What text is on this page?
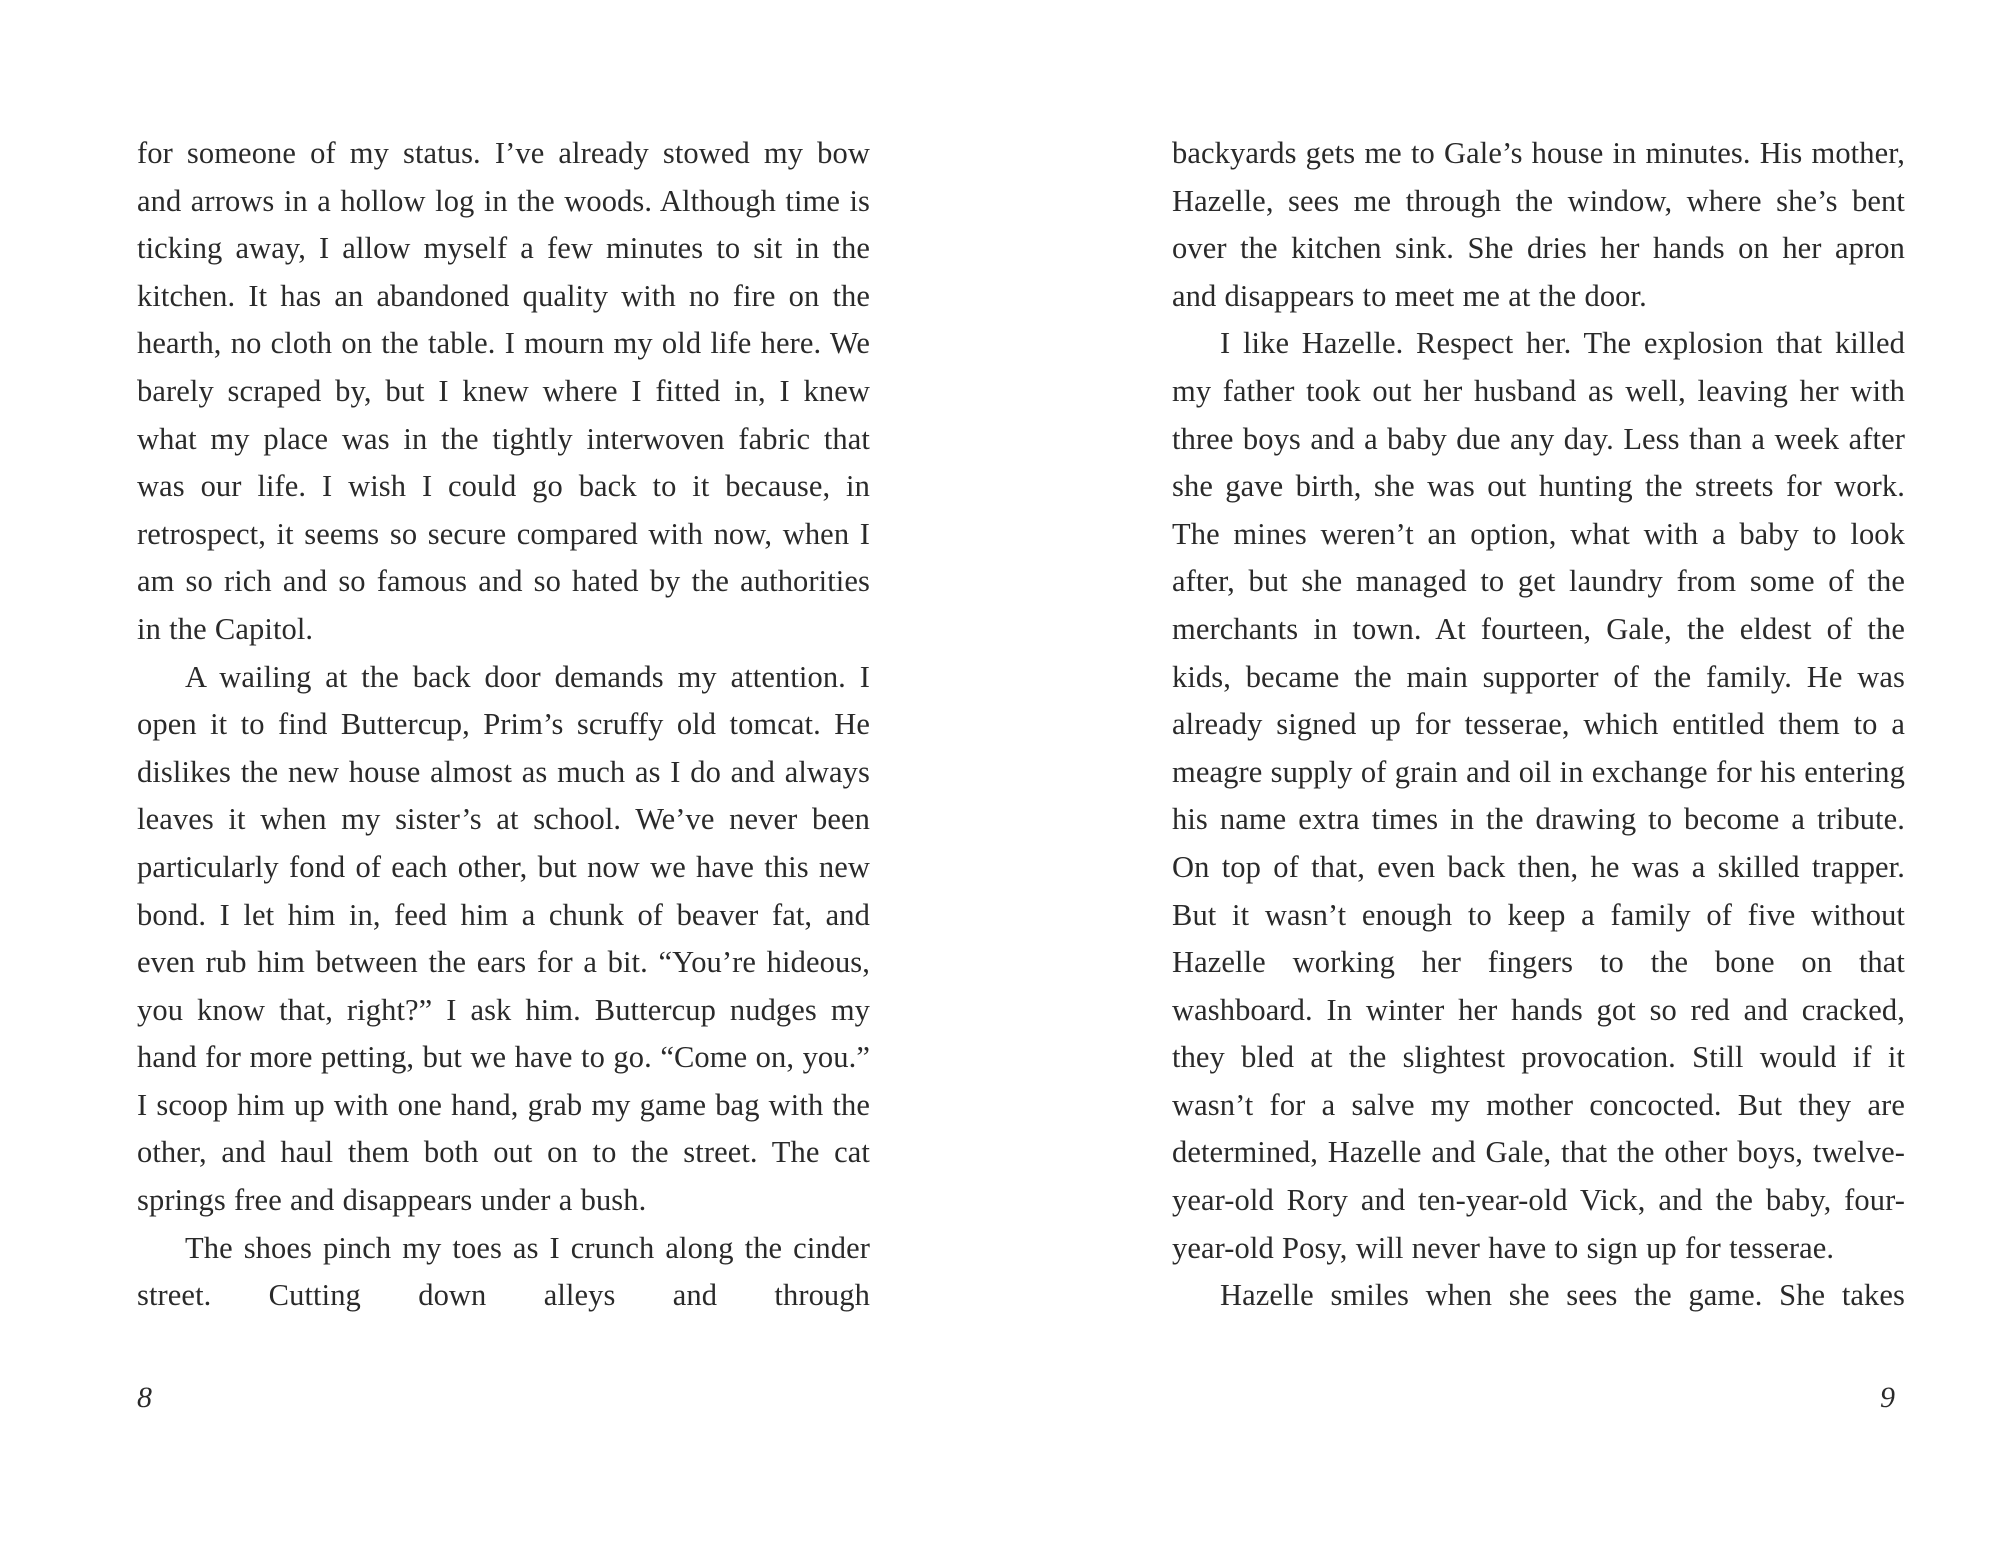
for someone of my status. I’ve already stowed my bow and arrows in a hollow log in the woods. Although time is ticking away, I allow myself a few minutes to sit in the kitchen. It has an abandoned quality with no fire on the hearth, no cloth on the table. I mourn my old life here. We barely scraped by, but I knew where I fitted in, I knew what my place was in the tightly interwoven fabric that was our life. I wish I could go back to it because, in retrospect, it seems so secure compared with now, when I am so rich and so famous and so hated by the authorities in the Capitol.

A wailing at the back door demands my attention. I open it to find Buttercup, Prim’s scruffy old tomcat. He dislikes the new house almost as much as I do and always leaves it when my sister’s at school. We’ve never been particularly fond of each other, but now we have this new bond. I let him in, feed him a chunk of beaver fat, and even rub him between the ears for a bit. “You’re hideous, you know that, right?” I ask him. Buttercup nudges my hand for more petting, but we have to go. “Come on, you.” I scoop him up with one hand, grab my game bag with the other, and haul them both out on to the street. The cat springs free and disappears under a bush.

The shoes pinch my toes as I crunch along the cinder street. Cutting down alleys and through

8

backyards gets me to Gale’s house in minutes. His mother, Hazelle, sees me through the window, where she’s bent over the kitchen sink. She dries her hands on her apron and disappears to meet me at the door.

I like Hazelle. Respect her. The explosion that killed my father took out her husband as well, leaving her with three boys and a baby due any day. Less than a week after she gave birth, she was out hunting the streets for work. The mines weren’t an option, what with a baby to look after, but she managed to get laundry from some of the merchants in town. At fourteen, Gale, the eldest of the kids, became the main supporter of the family. He was already signed up for tesserae, which entitled them to a meagre supply of grain and oil in exchange for his entering his name extra times in the drawing to become a tribute. On top of that, even back then, he was a skilled trapper. But it wasn’t enough to keep a family of five without Hazelle working her fingers to the bone on that washboard. In winter her hands got so red and cracked, they bled at the slightest provocation. Still would if it wasn’t for a salve my mother concocted. But they are determined, Hazelle and Gale, that the other boys, twelve-year-old Rory and ten-year-old Vick, and the baby, four-year-old Posy, will never have to sign up for tesserae.

Hazelle smiles when she sees the game. She takes

9
